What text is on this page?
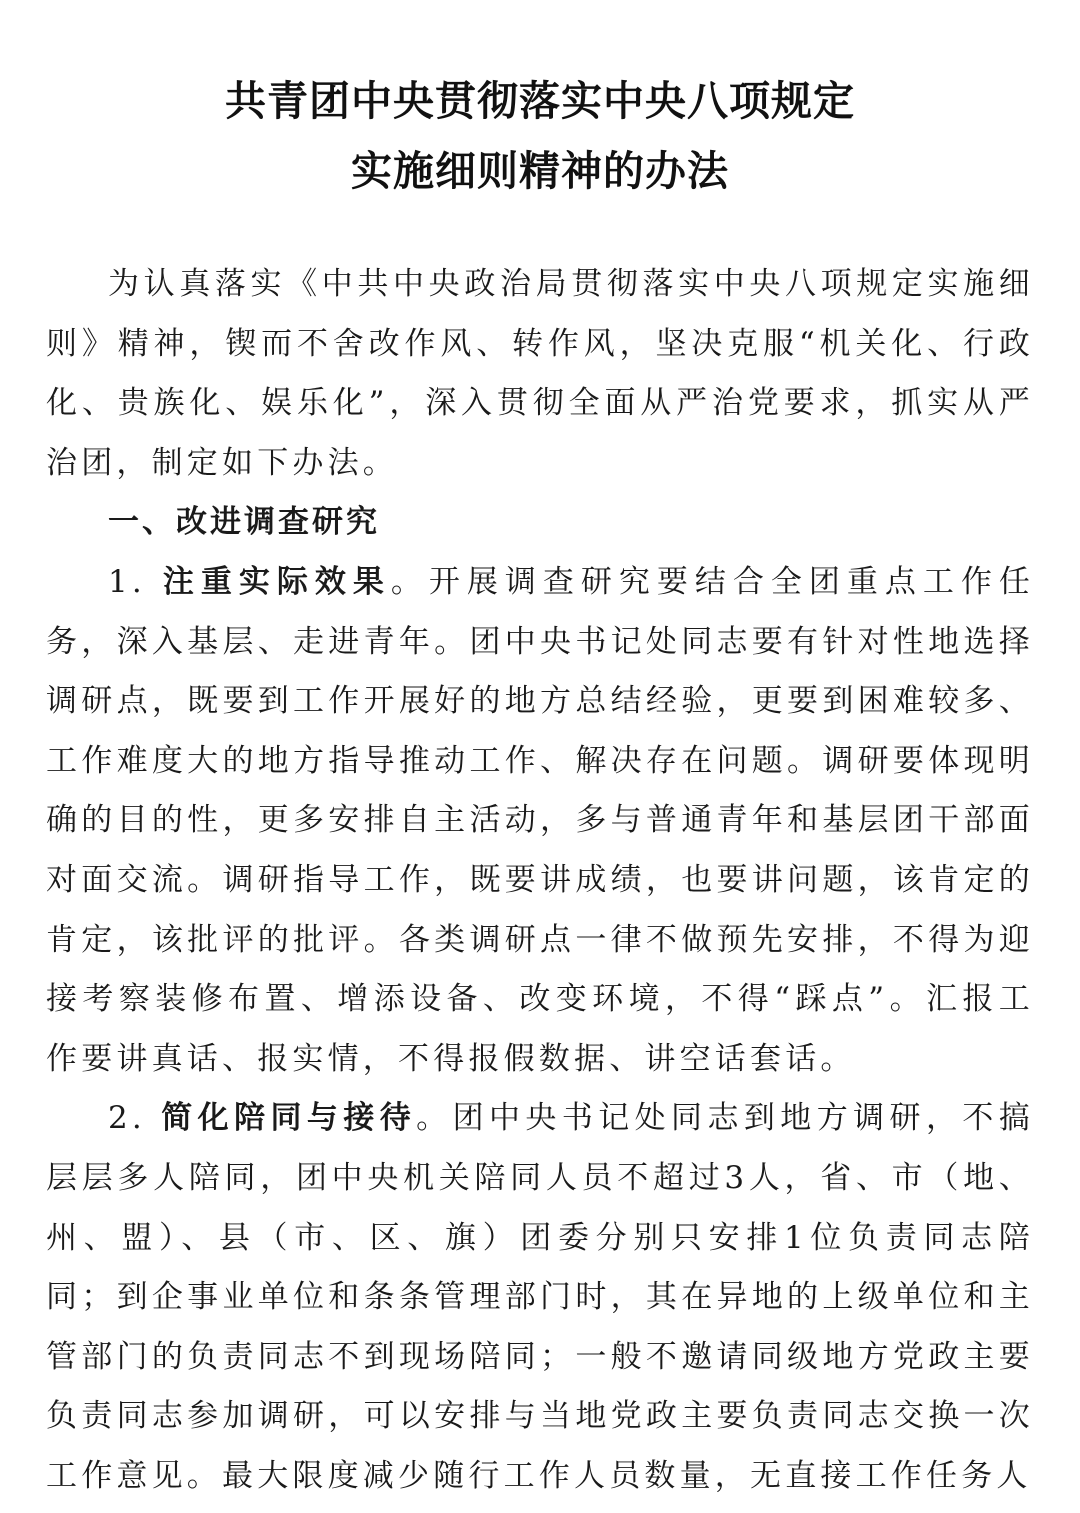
共青团中央贯彻落实中央八项规定
实施细则精神的办法

为认真落实《中共中央政治局贯彻落实中央八项规定实施细则》精神，锲而不舍改作风、转作风，坚决克服“机关化、行政化、贵族化、娱乐化”，深入贯彻全面从严治党要求，抓实从严治团，制定如下办法。

一、改进调查研究

1. 注重实际效果。开展调查研究要结合全团重点工作任务，深入基层、走进青年。团中央书记处同志要有针对性地选择调研点，既要到工作开展好的地方总结经验，更要到困难较多、工作难度大的地方指导推动工作、解决存在问题。调研要体现明确的目的性，更多安排自主活动，多与普通青年和基层团干部面对面交流。调研指导工作，既要讲成绩，也要讲问题，该肯定的肯定，该批评的批评。各类调研点一律不做预先安排，不得为迎接考察装修布置、增添设备、改变环境，不得“踩点”。汇报工作要讲真话、报实情，不得报假数据、讲空话套话。

2. 简化陪同与接待。团中央书记处同志到地方调研，不搞层层多人陪同，团中央机关陪同人员不超过3人，省、市（地、州、盟）、县（市、区、旗）团委分别只安排1位负责同志陪同；到企事业单位和条条管理部门时，其在异地的上级单位和主管部门的负责同志不到现场陪同；一般不邀请同级地方党政主要负责同志参加调研，可以安排与当地党政主要负责同志交换一次工作意见。最大限度减少随行工作人员数量，无直接工作任务人
